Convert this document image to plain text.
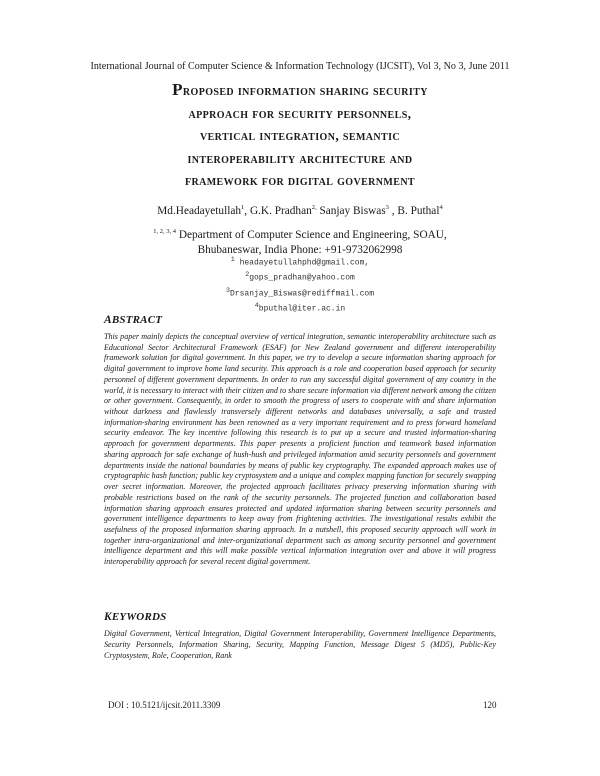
International Journal of Computer Science & Information Technology (IJCSIT), Vol 3, No 3, June 2011
Proposed information sharing security
approach for security personnels,
vertical integration, semantic
interoperability architecture and
framework for digital government
Md.Headayetullah$^1$, G.K. Pradhan$^{2,}$ Sanjay Biswas$^3$ , B. Puthal$^4$
$^{1, 2, 3, 4}$ Department of Computer Science and Engineering, SOAU,
Bhubaneswar, India Phone: +91-9732062998
$^1$ headayetullahphd@gmail.com,
$^2$gops_pradhan@yahoo.com
$^3$Drsanjay_Biswas@rediffmail.com
$^4$bputhal@iter.ac.in
ABSTRACT

This paper mainly depicts the conceptual overview of vertical integration, semantic interoperability architecture such as Educational Sector Architectural Framework (ESAF) for New Zealand government and different interoperability framework solution for digital government. In this paper, we try to develop a secure information sharing approach for digital government to improve home land security. This approach is a role and cooperation based approach for security personnel of different government departments. In order to run any successful digital government of any country in the world, it is necessary to interact with their citizen and to share secure information via different network among the citizen or other government. Consequently, in order to smooth the progress of users to cooperate with and share information without darkness and flawlessly transversely different networks and databases universally, a safe and trusted information-sharing environment has been renowned as a very important requirement and to press forward homeland security endeavor. The key incentive following this research is to put up a secure and trusted information-sharing approach for government departments. This paper presents a proficient function and teamwork based information sharing approach for safe exchange of hush-hush and privileged information amid security personnels and government departments inside the national boundaries by means of public key cryptography. The expanded approach makes use of cryptographic hash function; public key cryptosystem and a unique and complex mapping function for securely swapping over secret information. Moreover, the projected approach facilitates privacy preserving information sharing with probable restrictions based on the rank of the security personnels. The projected function and collaboration based information sharing approach ensures protected and updated information sharing between security personnels and government intelligence departments to keep away from frightening activities. The investigational results exhibit the usefulness of the proposed information sharing approach. In a nutshell, this proposed security approach will work in together intra-organizational and inter-organizational department such as among security personnel and government intelligence department and this will make possible vertical information integration over and above it will progress interoperability approach for several recent digital government.

KEYWORDS

Digital Government, Vertical Integration, Digital Government Interoperability, Government Intelligence Departments, Security Personnels, Information Sharing, Security, Mapping Function, Message Digest 5 (MD5), Public-Key Cryptosystem, Role, Cooperation, Rank

DOI : 10.5121/ijcsit.2011.3309	120
